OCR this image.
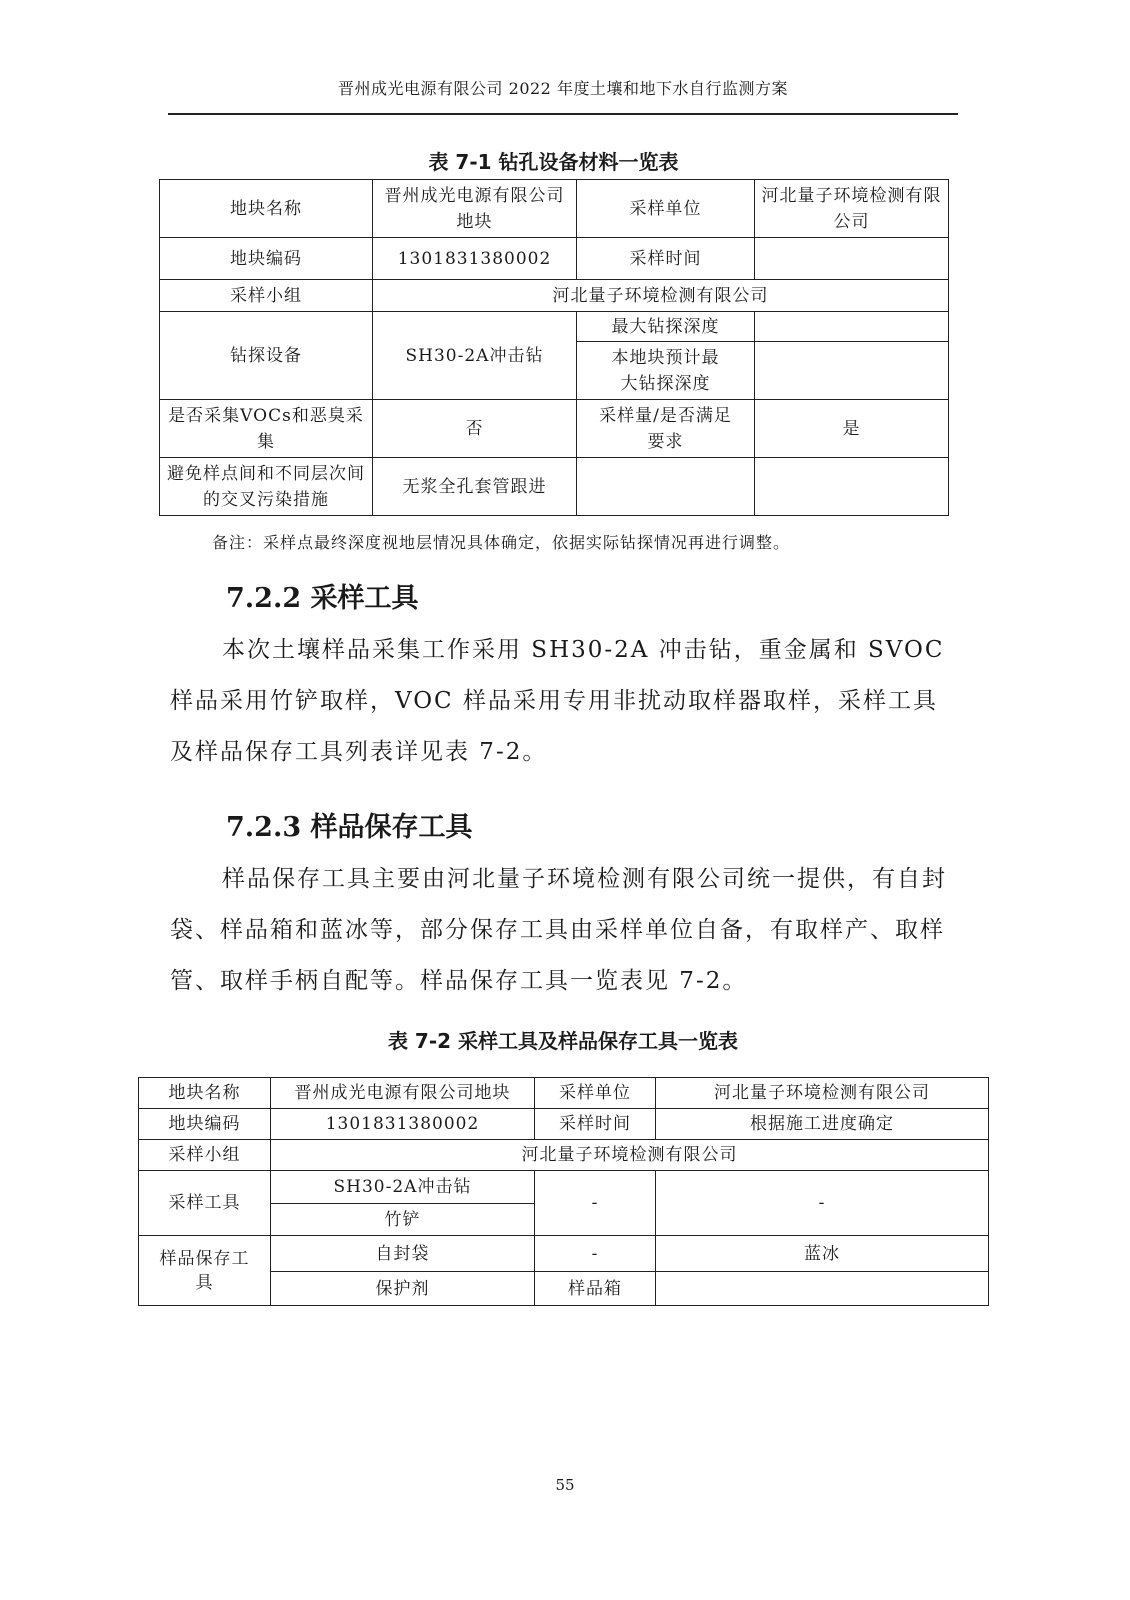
晋州成光电源有限公司 2022 年度土壤和地下水自行监测方案
表 7-1 钻孔设备材料一览表
地块名称	晋州成光电源有限公司地块	采样单位	河北量子环境检测有限公司
地块编码	1301831380002	采样时间	
采样小组	河北量子环境检测有限公司		
钻探设备	SH30-2A冲击钻	最大钻探深度	
		本地块预计最大钻探深度	
是否采集VOCs和恶臭采集	否	采样量/是否满足要求	是
避免样点间和不同层次间的交叉污染措施	无浆全孔套管跟进		
备注：采样点最终深度视地层情况具体确定，依据实际钻探情况再进行调整。
7.2.2 采样工具
本次土壤样品采集工作采用 SH30-2A 冲击钻，重金属和 SVOC 样品采用竹铲取样，VOC 样品采用专用非扰动取样器取样，采样工具及样品保存工具列表详见表 7-2。
7.2.3 样品保存工具
样品保存工具主要由河北量子环境检测有限公司统一提供，有自封袋、样品箱和蓝冰等，部分保存工具由采样单位自备，有取样产、取样管、取样手柄自配等。样品保存工具一览表见 7-2。
表 7-2 采样工具及样品保存工具一览表
地块名称	晋州成光电源有限公司地块	采样单位	河北量子环境检测有限公司
地块编码	1301831380002	采样时间	根据施工进度确定
采样小组	河北量子环境检测有限公司		
采样工具	SH30-2A冲击钻	-	-
	竹铲		
样品保存工具	自封袋	-	蓝冰
	保护剂	样品箱	
55
